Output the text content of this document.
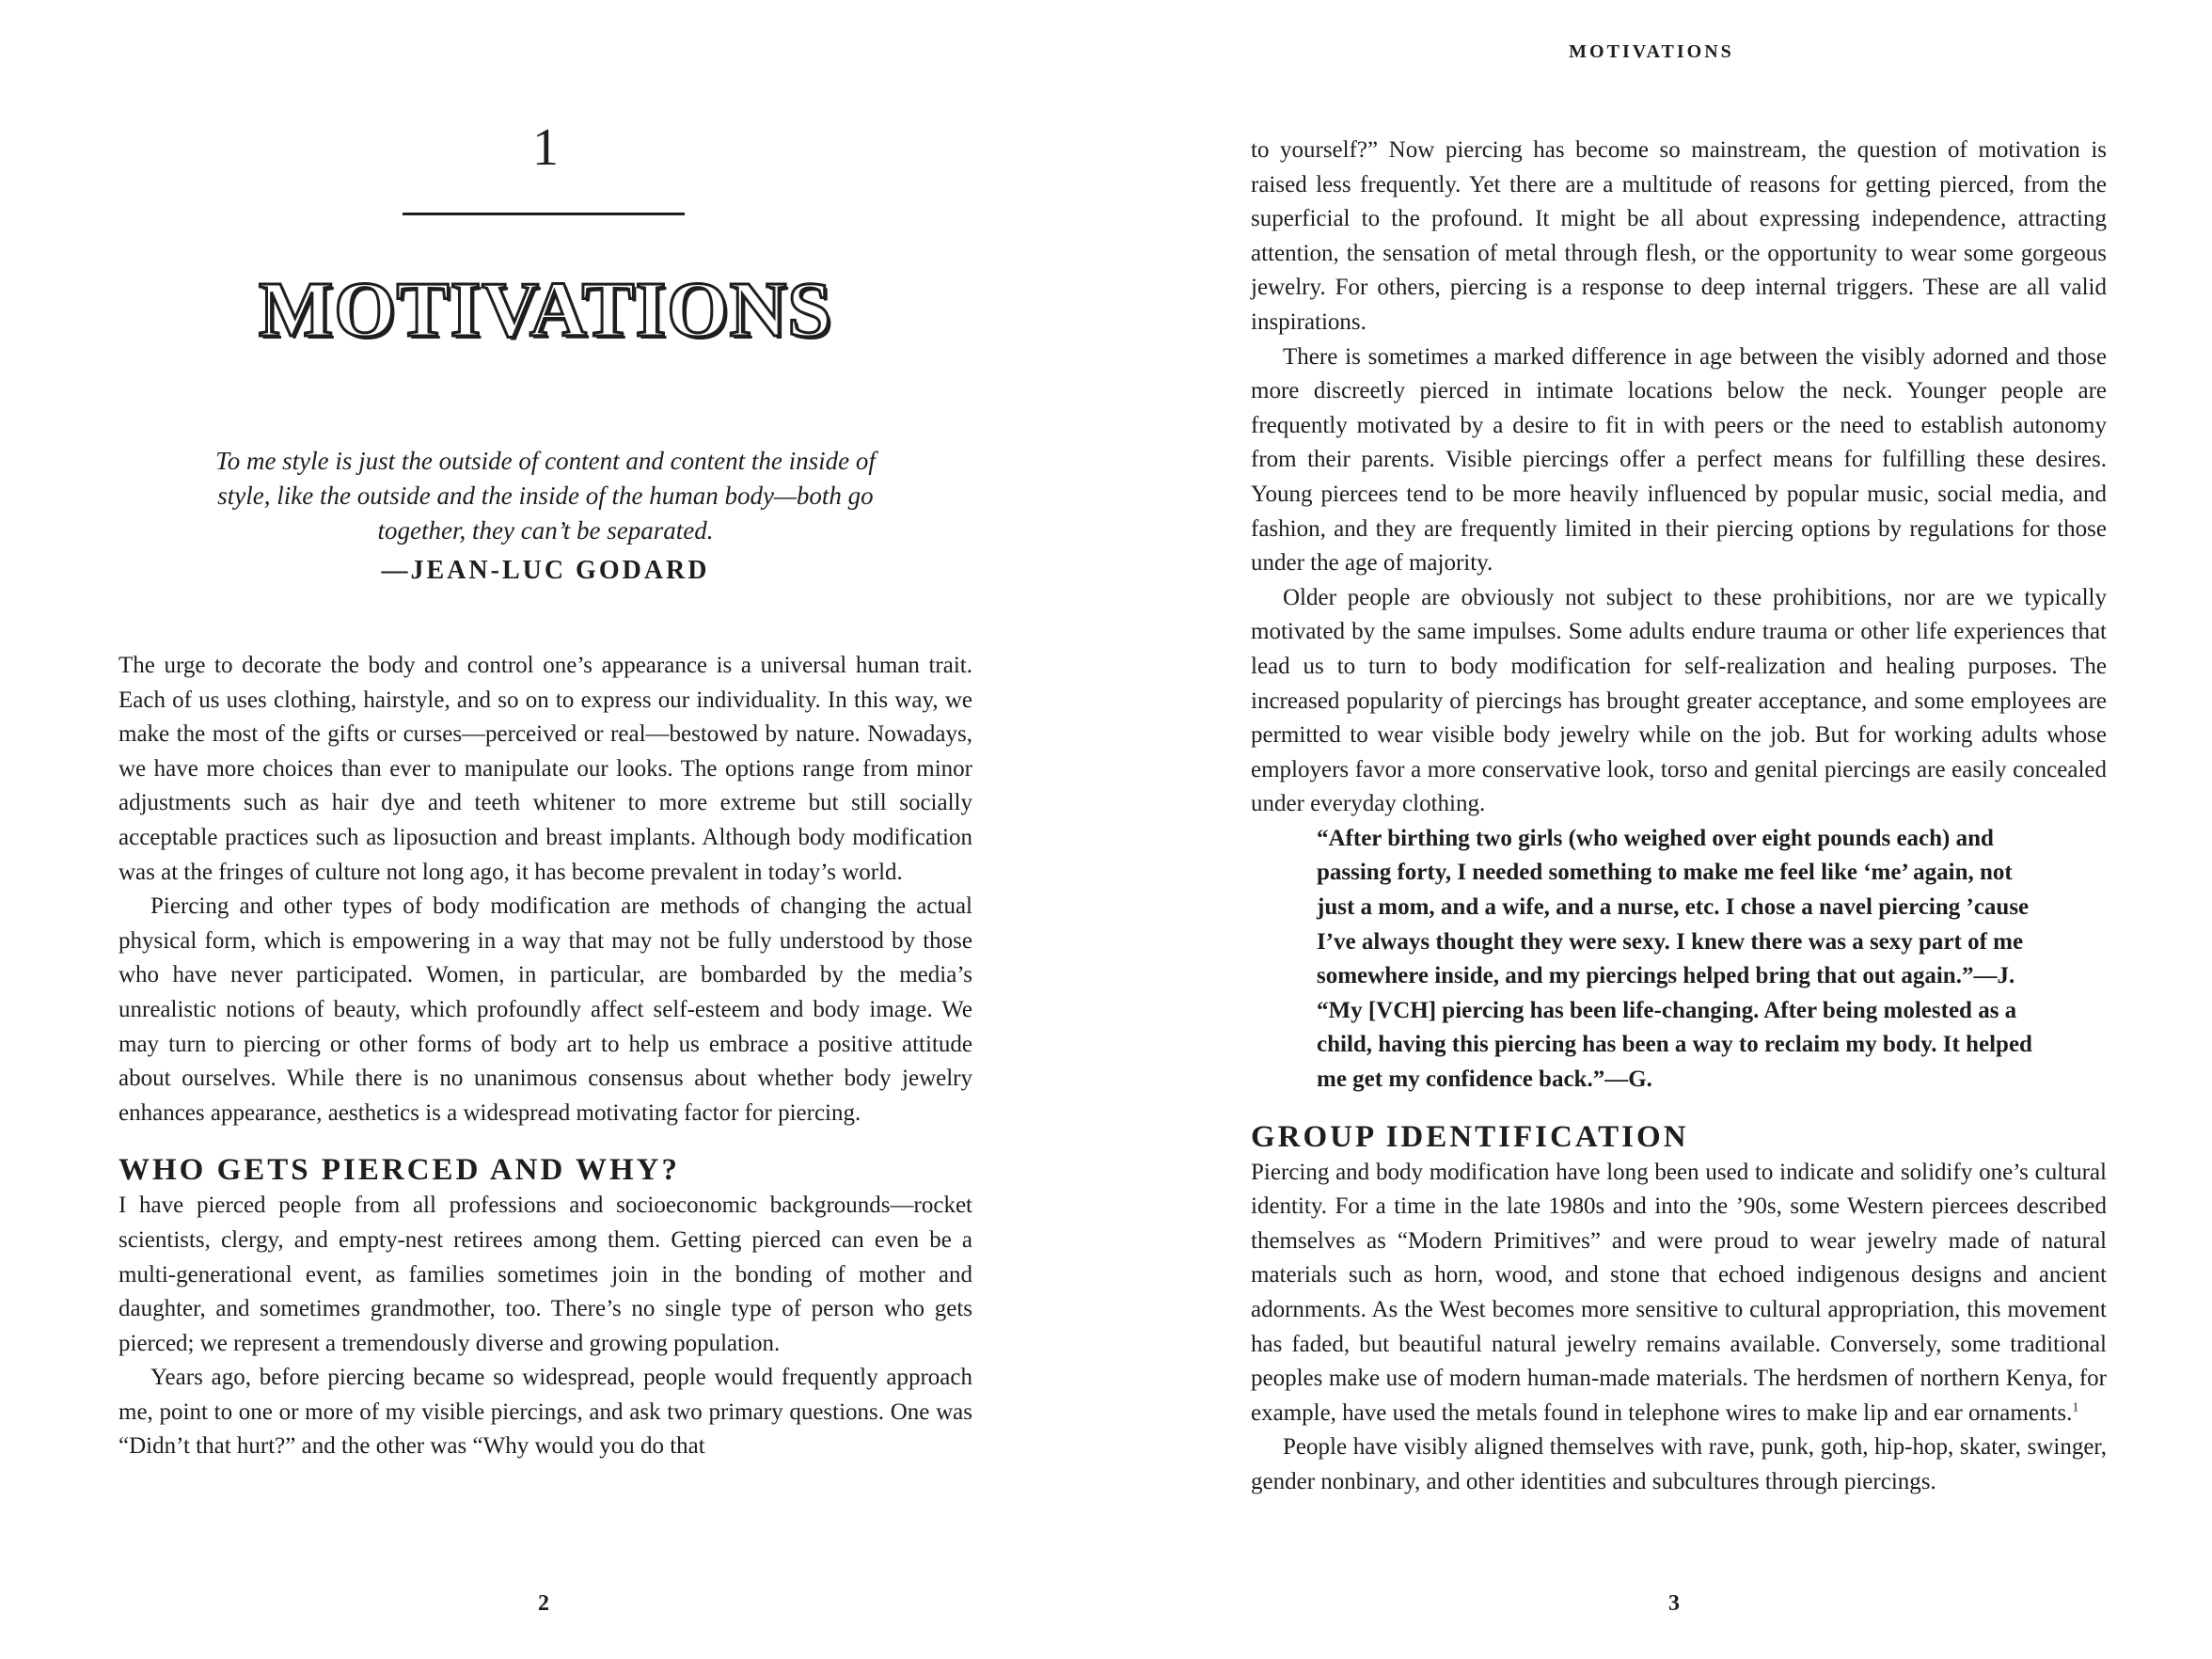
1
MOTIVATIONS

To me style is just the outside of content and content the inside of style, like the outside and the inside of the human body—both go together, they can’t be separated.

—JEAN-LUC GODARD

The urge to decorate the body and control one’s appearance is a universal human trait. Each of us uses clothing, hairstyle, and so on to express our individuality. In this way, we make the most of the gifts or curses—perceived or real—bestowed by nature. Nowadays, we have more choices than ever to manipulate our looks. The options range from minor adjustments such as hair dye and teeth whitener to more extreme but still socially acceptable practices such as liposuction and breast implants. Although body modification was at the fringes of culture not long ago, it has become prevalent in today’s world.

Piercing and other types of body modification are methods of changing the actual physical form, which is empowering in a way that may not be fully understood by those who have never participated. Women, in particular, are bombarded by the media’s unrealistic notions of beauty, which profoundly affect self-esteem and body image. We may turn to piercing or other forms of body art to help us embrace a positive attitude about ourselves. While there is no unanimous consensus about whether body jewelry enhances appearance, aesthetics is a widespread motivating factor for piercing.

WHO GETS PIERCED AND WHY?

I have pierced people from all professions and socioeconomic backgrounds—rocket scientists, clergy, and empty-nest retirees among them. Getting pierced can even be a multi-generational event, as families sometimes join in the bonding of mother and daughter, and sometimes grandmother, too. There’s no single type of person who gets pierced; we represent a tremendously diverse and growing population.

Years ago, before piercing became so widespread, people would frequently approach me, point to one or more of my visible piercings, and ask two primary questions. One was “Didn’t that hurt?” and the other was “Why would you do that

2

MOTIVATIONS

to yourself?” Now piercing has become so mainstream, the question of motivation is raised less frequently. Yet there are a multitude of reasons for getting pierced, from the superficial to the profound. It might be all about expressing independence, attracting attention, the sensation of metal through flesh, or the opportunity to wear some gorgeous jewelry. For others, piercing is a response to deep internal triggers. These are all valid inspirations.

There is sometimes a marked difference in age between the visibly adorned and those more discreetly pierced in intimate locations below the neck. Younger people are frequently motivated by a desire to fit in with peers or the need to establish autonomy from their parents. Visible piercings offer a perfect means for fulfilling these desires. Young piercees tend to be more heavily influenced by popular music, social media, and fashion, and they are frequently limited in their piercing options by regulations for those under the age of majority.

Older people are obviously not subject to these prohibitions, nor are we typically motivated by the same impulses. Some adults endure trauma or other life experiences that lead us to turn to body modification for self-realization and healing purposes. The increased popularity of piercings has brought greater acceptance, and some employees are permitted to wear visible body jewelry while on the job. But for working adults whose employers favor a more conservative look, torso and genital piercings are easily concealed under everyday clothing.

“After birthing two girls (who weighed over eight pounds each) and passing forty, I needed something to make me feel like ‘me’ again, not just a mom, and a wife, and a nurse, etc. I chose a navel piercing ’cause I’ve always thought they were sexy. I knew there was a sexy part of me somewhere inside, and my piercings helped bring that out again.”—J.

“My [VCH] piercing has been life-changing. After being molested as a child, having this piercing has been a way to reclaim my body. It helped me get my confidence back.”—G.

GROUP IDENTIFICATION

Piercing and body modification have long been used to indicate and solidify one’s cultural identity. For a time in the late 1980s and into the ’90s, some Western piercees described themselves as “Modern Primitives” and were proud to wear jewelry made of natural materials such as horn, wood, and stone that echoed indigenous designs and ancient adornments. As the West becomes more sensitive to cultural appropriation, this movement has faded, but beautiful natural jewelry remains available. Conversely, some traditional peoples make use of modern human-made materials. The herdsmen of northern Kenya, for example, have used the metals found in telephone wires to make lip and ear ornaments.$^1$

People have visibly aligned themselves with rave, punk, goth, hip-hop, skater, swinger, gender nonbinary, and other identities and subcultures through piercings.

3
